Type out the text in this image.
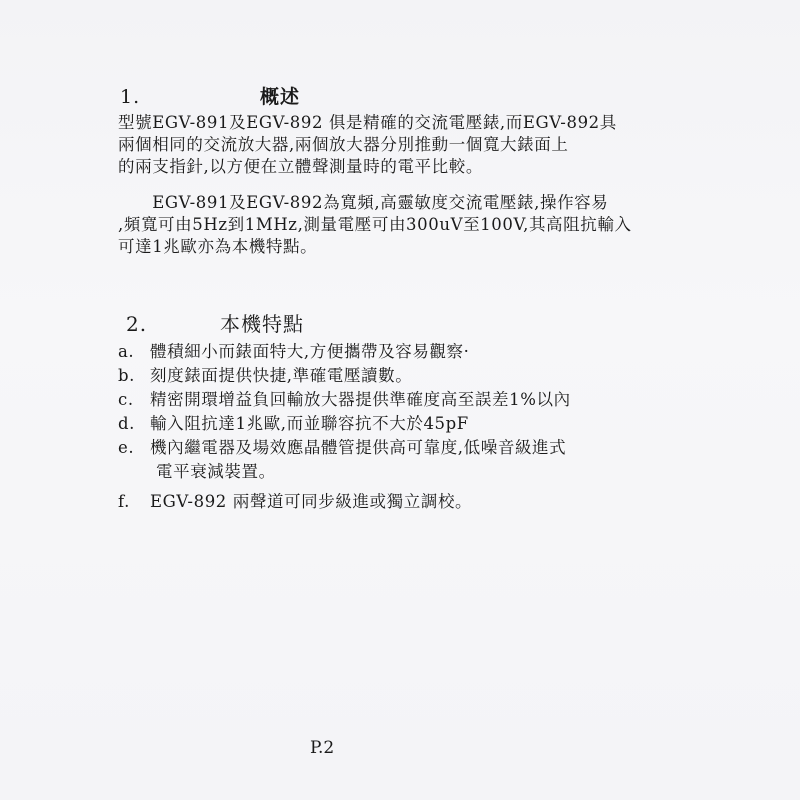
1.	概述

型號EGV-891及EGV-892 俱是精確的交流電壓錶,而EGV-892具

兩個相同的交流放大器,兩個放大器分別推動一個寬大錶面上

的兩支指針,以方便在立體聲測量時的電平比較。

　　EGV-891及EGV-892為寬頻,高靈敏度交流電壓錶,操作容易

,頻寬可由5Hz到1MHz,測量電壓可由300uV至100V,其高阻抗輸入

可達1兆歐亦為本機特點。

2.	本機特點
a. 體積細小而錶面特大,方便攜帶及容易觀察·
b. 刻度錶面提供快捷,準確電壓讀數。
c. 精密開環增益負回輸放大器提供準確度高至誤差1%以內
d. 輸入阻抗達1兆歐,而並聯容抗不大於45pF
e. 機內繼電器及場效應晶體管提供高可靠度,低噪音級進式
電平衰減裝置。
f.	EGV-892 兩聲道可同步級進或獨立調校。
P.2
